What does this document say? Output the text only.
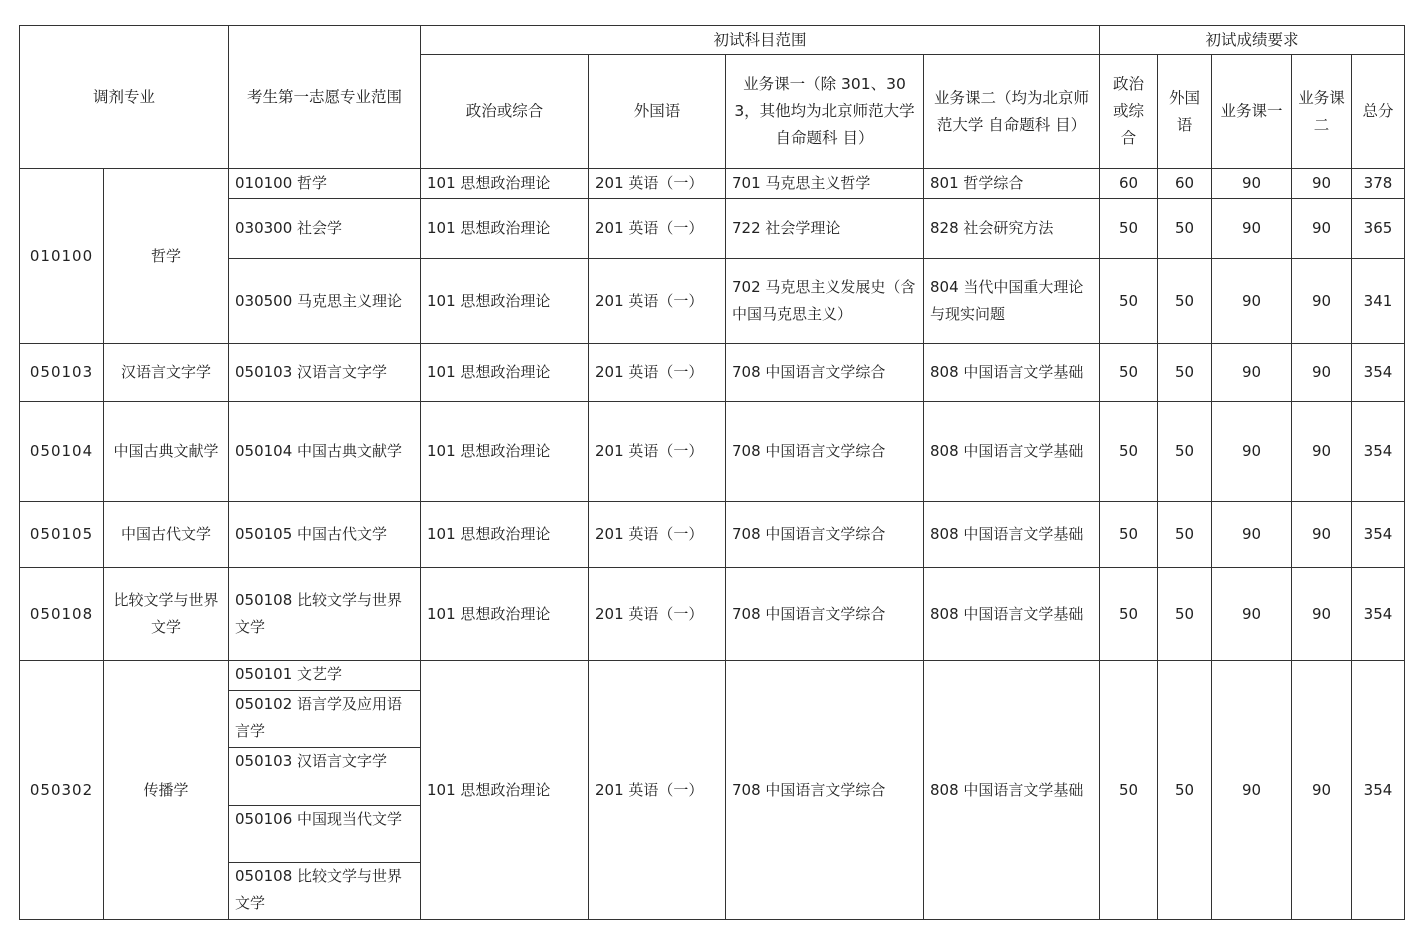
调剂专业		考生第一志愿专业范围	初试科目范围				初试成绩要求				
			政治或综合	外国语	业务课一（除 301、303，其他均为北京师范大学自命题科 目）	业务课二（均为北京师范大学 自命题科 目）	政治或综合	外国语	业务课一	业务课二	总分
010100	哲学	010100 哲学	101 思想政治理论	201 英语（一）	701 马克思主义哲学	801 哲学综合	60	60	90	90	378
		030300 社会学	101 思想政治理论	201 英语（一）	722 社会学理论	828 社会研究方法	50	50	90	90	365
		030500 马克思主义理论	101 思想政治理论	201 英语（一）	702 马克思主义发展史（含中国马克思主义）	804 当代中国重大理论与现实问题	50	50	90	90	341
050103	汉语言文字学	050103 汉语言文字学	101 思想政治理论	201 英语（一）	708 中国语言文学综合	808 中国语言文学基础	50	50	90	90	354
050104	中国古典文献学	050104 中国古典文献学	101 思想政治理论	201 英语（一）	708 中国语言文学综合	808 中国语言文学基础	50	50	90	90	354
050105	中国古代文学	050105 中国古代文学	101 思想政治理论	201 英语（一）	708 中国语言文学综合	808 中国语言文学基础	50	50	90	90	354
050108	比较文学与世界文学	050108 比较文学与世界文学	101 思想政治理论	201 英语（一）	708 中国语言文学综合	808 中国语言文学基础	50	50	90	90	354
050302	传播学	050101 文艺学	101 思想政治理论	201 英语（一）	708 中国语言文学综合	808 中国语言文学基础	50	50	90	90	354
		050102 语言学及应用语言学									
		050103 汉语言文字学									
		050106 中国现当代文学									
		050108 比较文学与世界文学									
